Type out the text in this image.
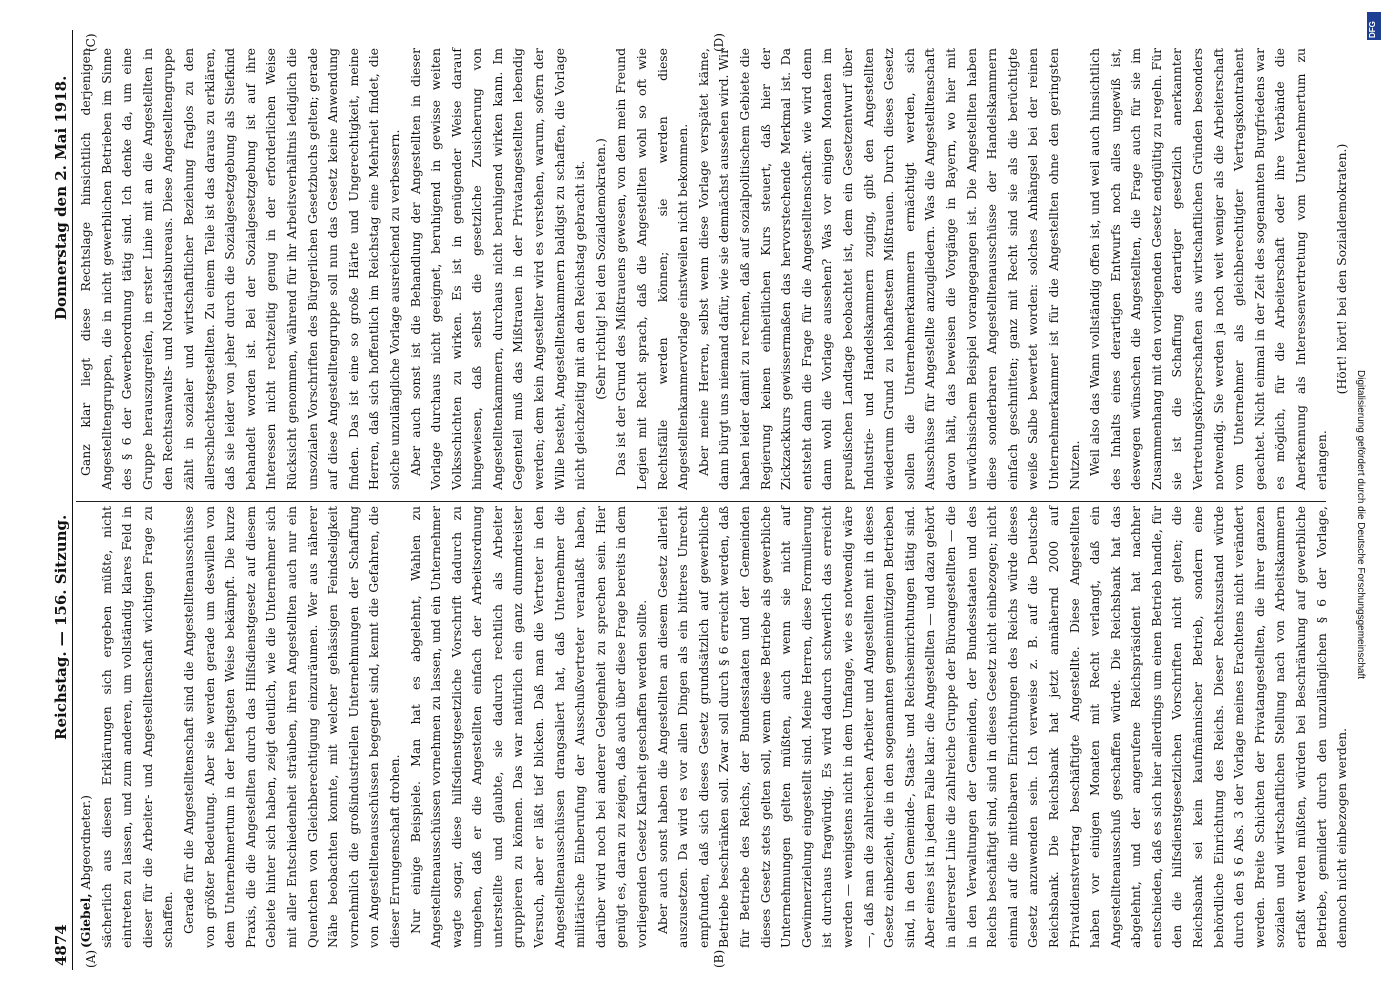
4874
Reichstag. — 156. Sitzung.
Donnerstag den 2. Mai 1918.
(A)	(B)
(C)	(D)

(Giebel, Abgeordneter.) sächerlich aus diesen Erklärungen sich ergeben müßte, nicht eintreten zu lassen, und zum anderen, um vollständig klares Feld in dieser für die Arbeiter- und Angestelltenschaft wichtigen Frage zu schaffen. Gerade für die Angestelltenschaft sind die Angestelltenausschüsse von größter Bedeutung. Aber sie werden gerade um deswillen von dem Unternehmertum in der heftigsten Weise bekämpft. Die kurze Praxis, die die Angestellten durch das Hilfsdienstgesetz auf diesem Gebiete hinter sich haben, zeigt deutlich, wie die Unternehmer sich mit aller Entschiedenheit sträuben, ihren Angestellten auch nur ein Quentchen von Gleichberechtigung einzuräumen. Wer aus näherer Nähe beobachten konnte, mit welcher gehässigen Feindseligkeit vornehmlich die großindustriellen Unternehmungen der Schaffung von Angestelltenausschüssen begegnet sind, kennt die Gefahren, die dieser Errungenschaft drohen. Nur einige Beispiele. Man hat es abgelehnt, Wahlen zu Angestelltenausschüssen vornehmen zu lassen, und ein Unternehmer wagte sogar, diese hilfsdienstgesetzliche Vorschrift dadurch zu umgehen, daß er die Angestellten einfach der Arbeitsordnung unterstellte und glaubte, sie dadurch rechtlich als Arbeiter gruppieren zu können. Das war natürlich ein ganz dummdreister Versuch, aber er läßt tief blicken. Daß man die Vertreter in den Angestelltenausschüssen drangsaliert hat, daß Unternehmer die militärische Einberufung der Ausschußvertreter veranlaßt haben, darüber wird noch bei anderer Gelegenheit zu sprechen sein. Hier genügt es, daran zu zeigen, daß auch über diese Frage bereits in dem vorliegenden Gesetz Klarheit geschaffen werden sollte. Aber auch sonst haben die Angestellten an diesem Gesetz allerlei auszusetzen. Da wird es vor allen Dingen als ein bitteres Unrecht empfunden, daß sich dieses Gesetz grundsätzlich auf gewerbliche Betriebe beschränken soll. Zwar soll durch § 6 erreicht werden, daß für Betriebe des Reichs, der Bundesstaaten und der Gemeinden dieses Gesetz stets gelten soll, wenn diese Betriebe als gewerbliche Unternehmungen gelten müßten, auch wenn sie nicht auf Gewinnerzielung eingestellt sind. Meine Herren, diese Formulierung ist durchaus fragwürdig. Es wird dadurch schwerlich das erreicht werden — wenigstens nicht in dem Umfange, wie es notwendig wäre —, daß man die zahlreichen Arbeiter und Angestellten mit in dieses Gesetz einbezieht, die in den sogenannten gemeinnützigen Betrieben sind, in den Gemeinde-, Staats- und Reichseinrichtungen tätig sind. Aber eines ist in jedem Falle klar: die Angestellten — und dazu gehört in allererster Linie die zahlreiche Gruppe der Büroangestellten — die in den Verwaltungen der Gemeinden, der Bundesstaaten und des Reichs beschäftigt sind, sind in dieses Gesetz nicht einbezogen; nicht einmal auf die mittelbaren Einrichtungen des Reichs würde dieses Gesetz anzuwenden sein. Ich verweise z. B. auf die Deutsche Reichsbank. Die Reichsbank hat jetzt annähernd 2000 auf Privatdienstvertrag beschäftigte Angestellte. Diese Angestellten haben vor einigen Monaten mit Recht verlangt, daß ein Angestelltenausschuß geschaffen würde. Die Reichsbank hat das abgelehnt, und der angerufene Reichspräsident hat nachher entschieden, daß es sich hier allerdings um einen Betrieb handle, für den die hilfsdienstgesetzlichen Vorschriften nicht gelten; die Reichsbank sei kein kaufmännischer Betrieb, sondern eine behördliche Einrichtung des Reichs. Dieser Rechtszustand würde durch den § 6 Abs. 3 der Vorlage meines Erachtens nicht verändert werden. Breite Schichten der Privatangestellten, die ihrer ganzen sozialen und wirtschaftlichen Stellung nach von Arbeitskammern erfaßt werden müßten, würden bei Beschränkung auf gewerbliche Betriebe, gemildert durch den unzulänglichen § 6 der Vorlage, dennoch nicht einbezogen werden.

Ganz klar liegt diese Rechtslage hinsichtlich derjenigen Angestelltengruppen, die in nicht gewerblichen Betrieben im Sinne des § 6 der Gewerbeordnung tätig sind. Ich denke da, um eine Gruppe herauszugreifen, in erster Linie mit an die Angestellten in den Rechtsanwalts- und Notariatsbureaus. Diese Angestelltengruppe zählt in sozialer und wirtschaftlicher Beziehung fraglos zu den allerschlechtestgestellten. Zu einem Teile ist das daraus zu erklären, daß sie leider von jeher durch die Sozialgesetzgebung als Stiefkind behandelt worden ist. Bei der Sozialgesetzgebung ist auf ihre Interessen nicht rechtzeitig genug in der erforderlichen Weise Rücksicht genommen, während für ihr Arbeitsverhältnis lediglich die unsozialen Vorschriften des Bürgerlichen Gesetzbuchs gelten; gerade auf diese Angestelltengruppe soll nun das Gesetz keine Anwendung finden. Das ist eine so große Härte und Ungerechtigkeit, meine Herren, daß sich hoffentlich im Reichstag eine Mehrheit findet, die solche unzulängliche Vorlage ausreichend zu verbessern. Aber auch sonst ist die Behandlung der Angestellten in dieser Vorlage durchaus nicht geeignet, beruhigend in gewisse weiten Volksschichten zu wirken. Es ist in genügender Weise darauf hingewiesen, daß selbst die gesetzliche Zusicherung von Angestelltenkammern, durchaus nicht beruhigend wirken kann. Im Gegenteil muß das Mißtrauen in der Privatangestellten lebendig werden; dem kein Angestellter wird es verstehen, warum, sofern der Wille besteht, Angestelltenkammern baldigst zu schaffen, die Vorlage nicht gleichzeitig mit an den Reichstag gebracht ist. (Sehr richtig! bei den Sozialdemokraten.) Das ist der Grund des Mißtrauens gewesen, von dem mein Freund Legien mit Recht sprach, daß die Angestellten wohl so oft wie Rechtsfälle werden können; sie werden diese Angestelltenkammervorlage einstweilen nicht bekommen. Aber meine Herren, selbst wenn diese Vorlage verspätet käme, dann bürgt uns niemand dafür, wie sie demnächst aussehen wird. Wir haben leider damit zu rechnen, daß auf sozialpolitischem Gebiete die Regierung keinen einheitlichen Kurs steuert, daß hier der Zickzackkurs gewissermaßen das hervorstechende Merkmal ist. Da entsteht dann die Frage für die Angestelltenschaft: wie wird denn dann wohl die Vorlage aussehen? Was vor einigen Monaten im preußischen Landtage beobachtet ist, dem ein Gesetzentwurf über Industrie- und Handelskammern zuging, gibt den Angestellten wiederum Grund zu lebhaftestem Mißtrauen. Durch dieses Gesetz sollen die Unternehmerkammern ermächtigt werden, sich Ausschüsse für Angestellte anzugliedern. Was die Angestelltenschaft davon hält, das beweisen die Vorgänge in Bayern, wo hier mit urwüchsischem Beispiel vorangegangen ist. Die Angestellten haben diese sonderbaren Angestelltenausschüsse der Handelskammern einfach geschnitten; ganz mit Recht sind sie als die berüchtigte weiße Salbe bewertet worden: solches Anhängsel bei der reinen Unternehmerkammer ist für die Angestellten ohne den geringsten Nutzen. Weil also das Wann vollständig offen ist, und weil auch hinsichtlich des Inhalts eines derartigen Entwurfs noch alles ungewiß ist, deswegen wünschen die Angestellten, die Frage auch für sie im Zusammenhang mit den vorliegenden Gesetz endgültig zu regeln. Für sie ist die Schaffung derartiger gesetzlich anerkannter Vertretungskörperschaften aus wirtschaftlichen Gründen besonders notwendig. Sie werden ja noch weit weniger als die Arbeiterschaft vom Unternehmer als gleichberechtigter Vertragskontrahent geachtet. Nicht einmal in der Zeit des sogenannten Burgfriedens war es möglich, für die Arbeiterschaft oder ihre Verbände die Anerkennung als Interessenvertretung vom Unternehmertum zu erlangen.

(Hört! hört! bei den Sozialdemokraten.)

DFG
Digitalisierung gefördert durch die Deutsche Forschungsgemeinschaft
